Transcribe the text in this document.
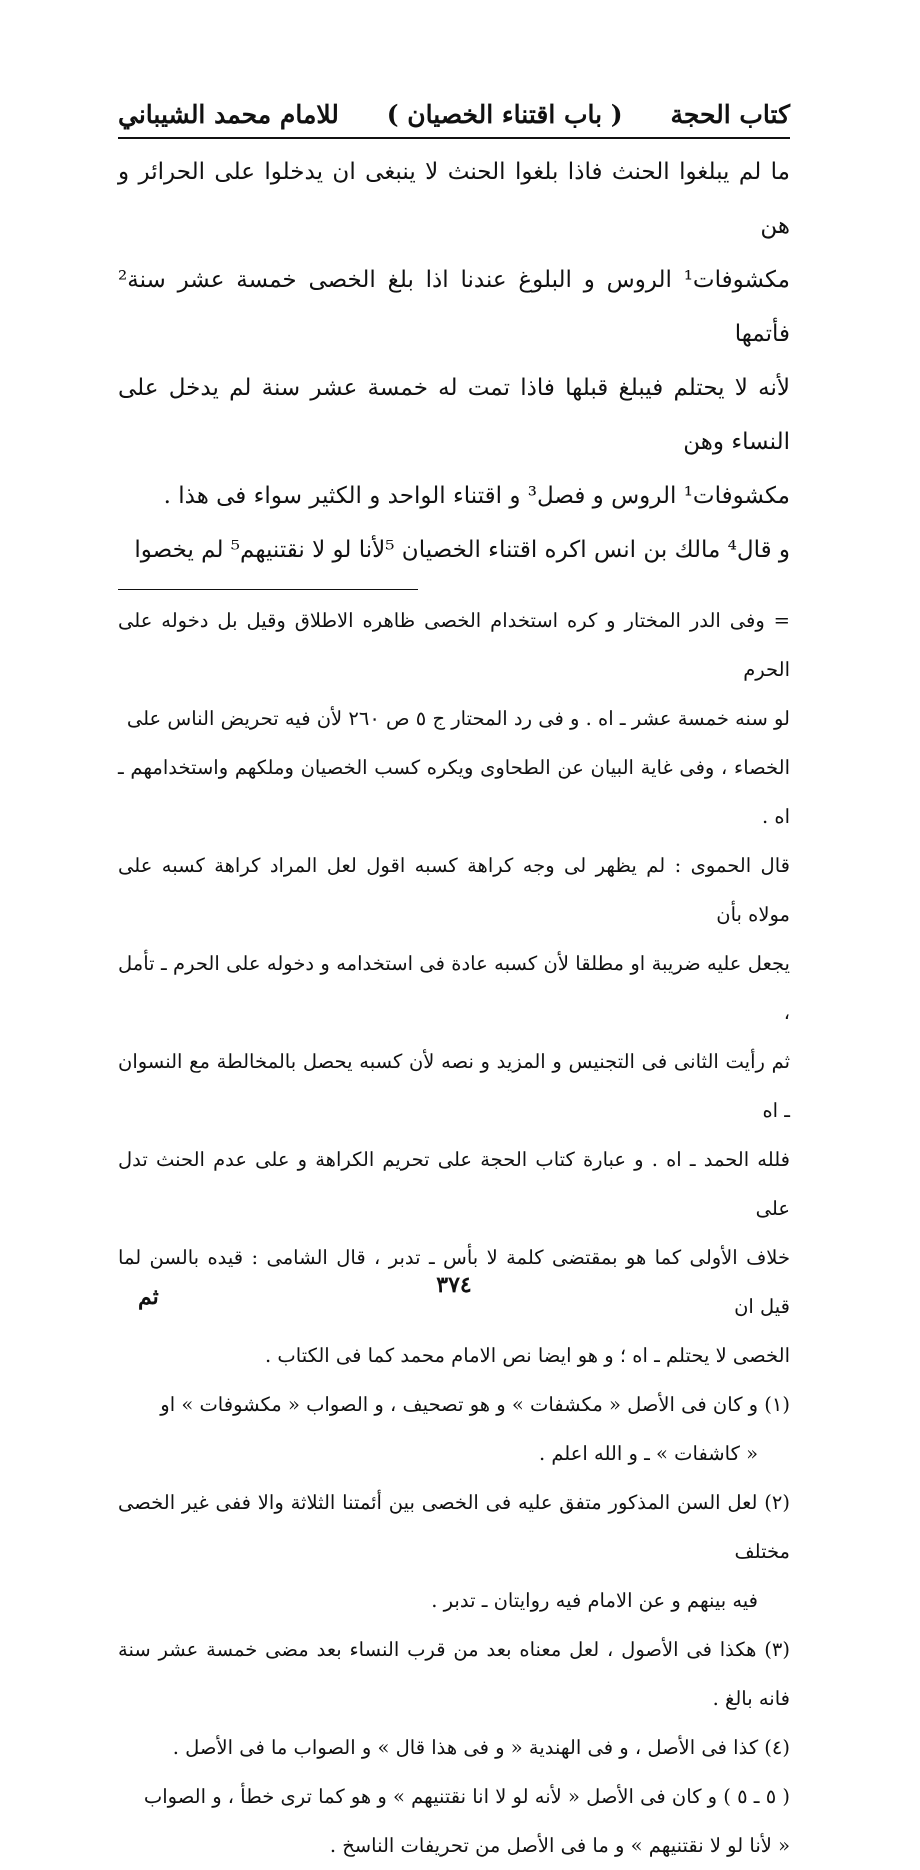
كتاب الحجة
( باب اقتناء الخصيان )
للامام محمد الشيباني

ما لم يبلغوا الحنث فاذا بلغوا الحنث لا ينبغى ان يدخلوا على الحرائر و هن

مكشوفات¹ الروس و البلوغ عندنا اذا بلغ الخصى خمسة عشر سنة² فأتمها

لأنه لا يحتلم فيبلغ قبلها فاذا تمت له خمسة عشر سنة لم يدخل على النساء وهن

مكشوفات¹ الروس و فصل³ و اقتناء الواحد و الكثير سواء فى هذا .

و قال⁴ مالك بن انس اكره اقتناء الخصيان ⁵لأنا لو لا نقتنيهم⁵ لم يخصوا

= وفى الدر المختار و كره استخدام الخصى ظاهره الاطلاق وقيل بل دخوله على الحرم

لو سنه خمسة عشر ـ اه . و فى رد المحتار ج ٥ ص ٢٦٠ لأن فيه تحريض الناس على

الخصاء ، وفى غاية البيان عن الطحاوى ويكره كسب الخصيان وملكهم واستخدامهم ـ اه .

قال الحموى : لم يظهر لى وجه كراهة كسبه اقول لعل المراد كراهة كسبه على مولاه بأن

يجعل عليه ضريبة او مطلقا لأن كسبه عادة فى استخدامه و دخوله على الحرم ـ تأمل ،

ثم رأيت الثانى فى التجنيس و المزيد و نصه لأن كسبه يحصل بالمخالطة مع النسوان ـ اه

فلله الحمد ـ اه . و عبارة كتاب الحجة على تحريم الكراهة و على عدم الحنث تدل على

خلاف الأولى كما هو بمقتضى كلمة لا بأس ـ تدبر ، قال الشامى : قيده بالسن لما قيل ان

الخصى لا يحتلم ـ اه ؛ و هو ايضا نص الامام محمد كما فى الكتاب .

(١) و كان فى الأصل « مكشفات » و هو تصحيف ، و الصواب « مكشوفات » او

« كاشفات » ـ و الله اعلم .

(٢) لعل السن المذكور متفق عليه فى الخصى بين أئمتنا الثلاثة والا ففى غير الخصى مختلف

فيه بينهم و عن الامام فيه روايتان ـ تدبر .

(٣) هكذا فى الأصول ، لعل معناه بعد من قرب النساء بعد مضى خمسة عشر سنة فانه بالغ .

(٤) كذا فى الأصل ، و فى الهندية « و فى هذا قال » و الصواب ما فى الأصل .

( ٥ ـ ٥ ) و كان فى الأصل « لأنه لو لا انا نقتنيهم » و هو كما ترى خطأ ، و الصواب

« لأنا لو لا نقتنيهم » و ما فى الأصل من تحريفات الناسخ .

٣٧٤
ثم
